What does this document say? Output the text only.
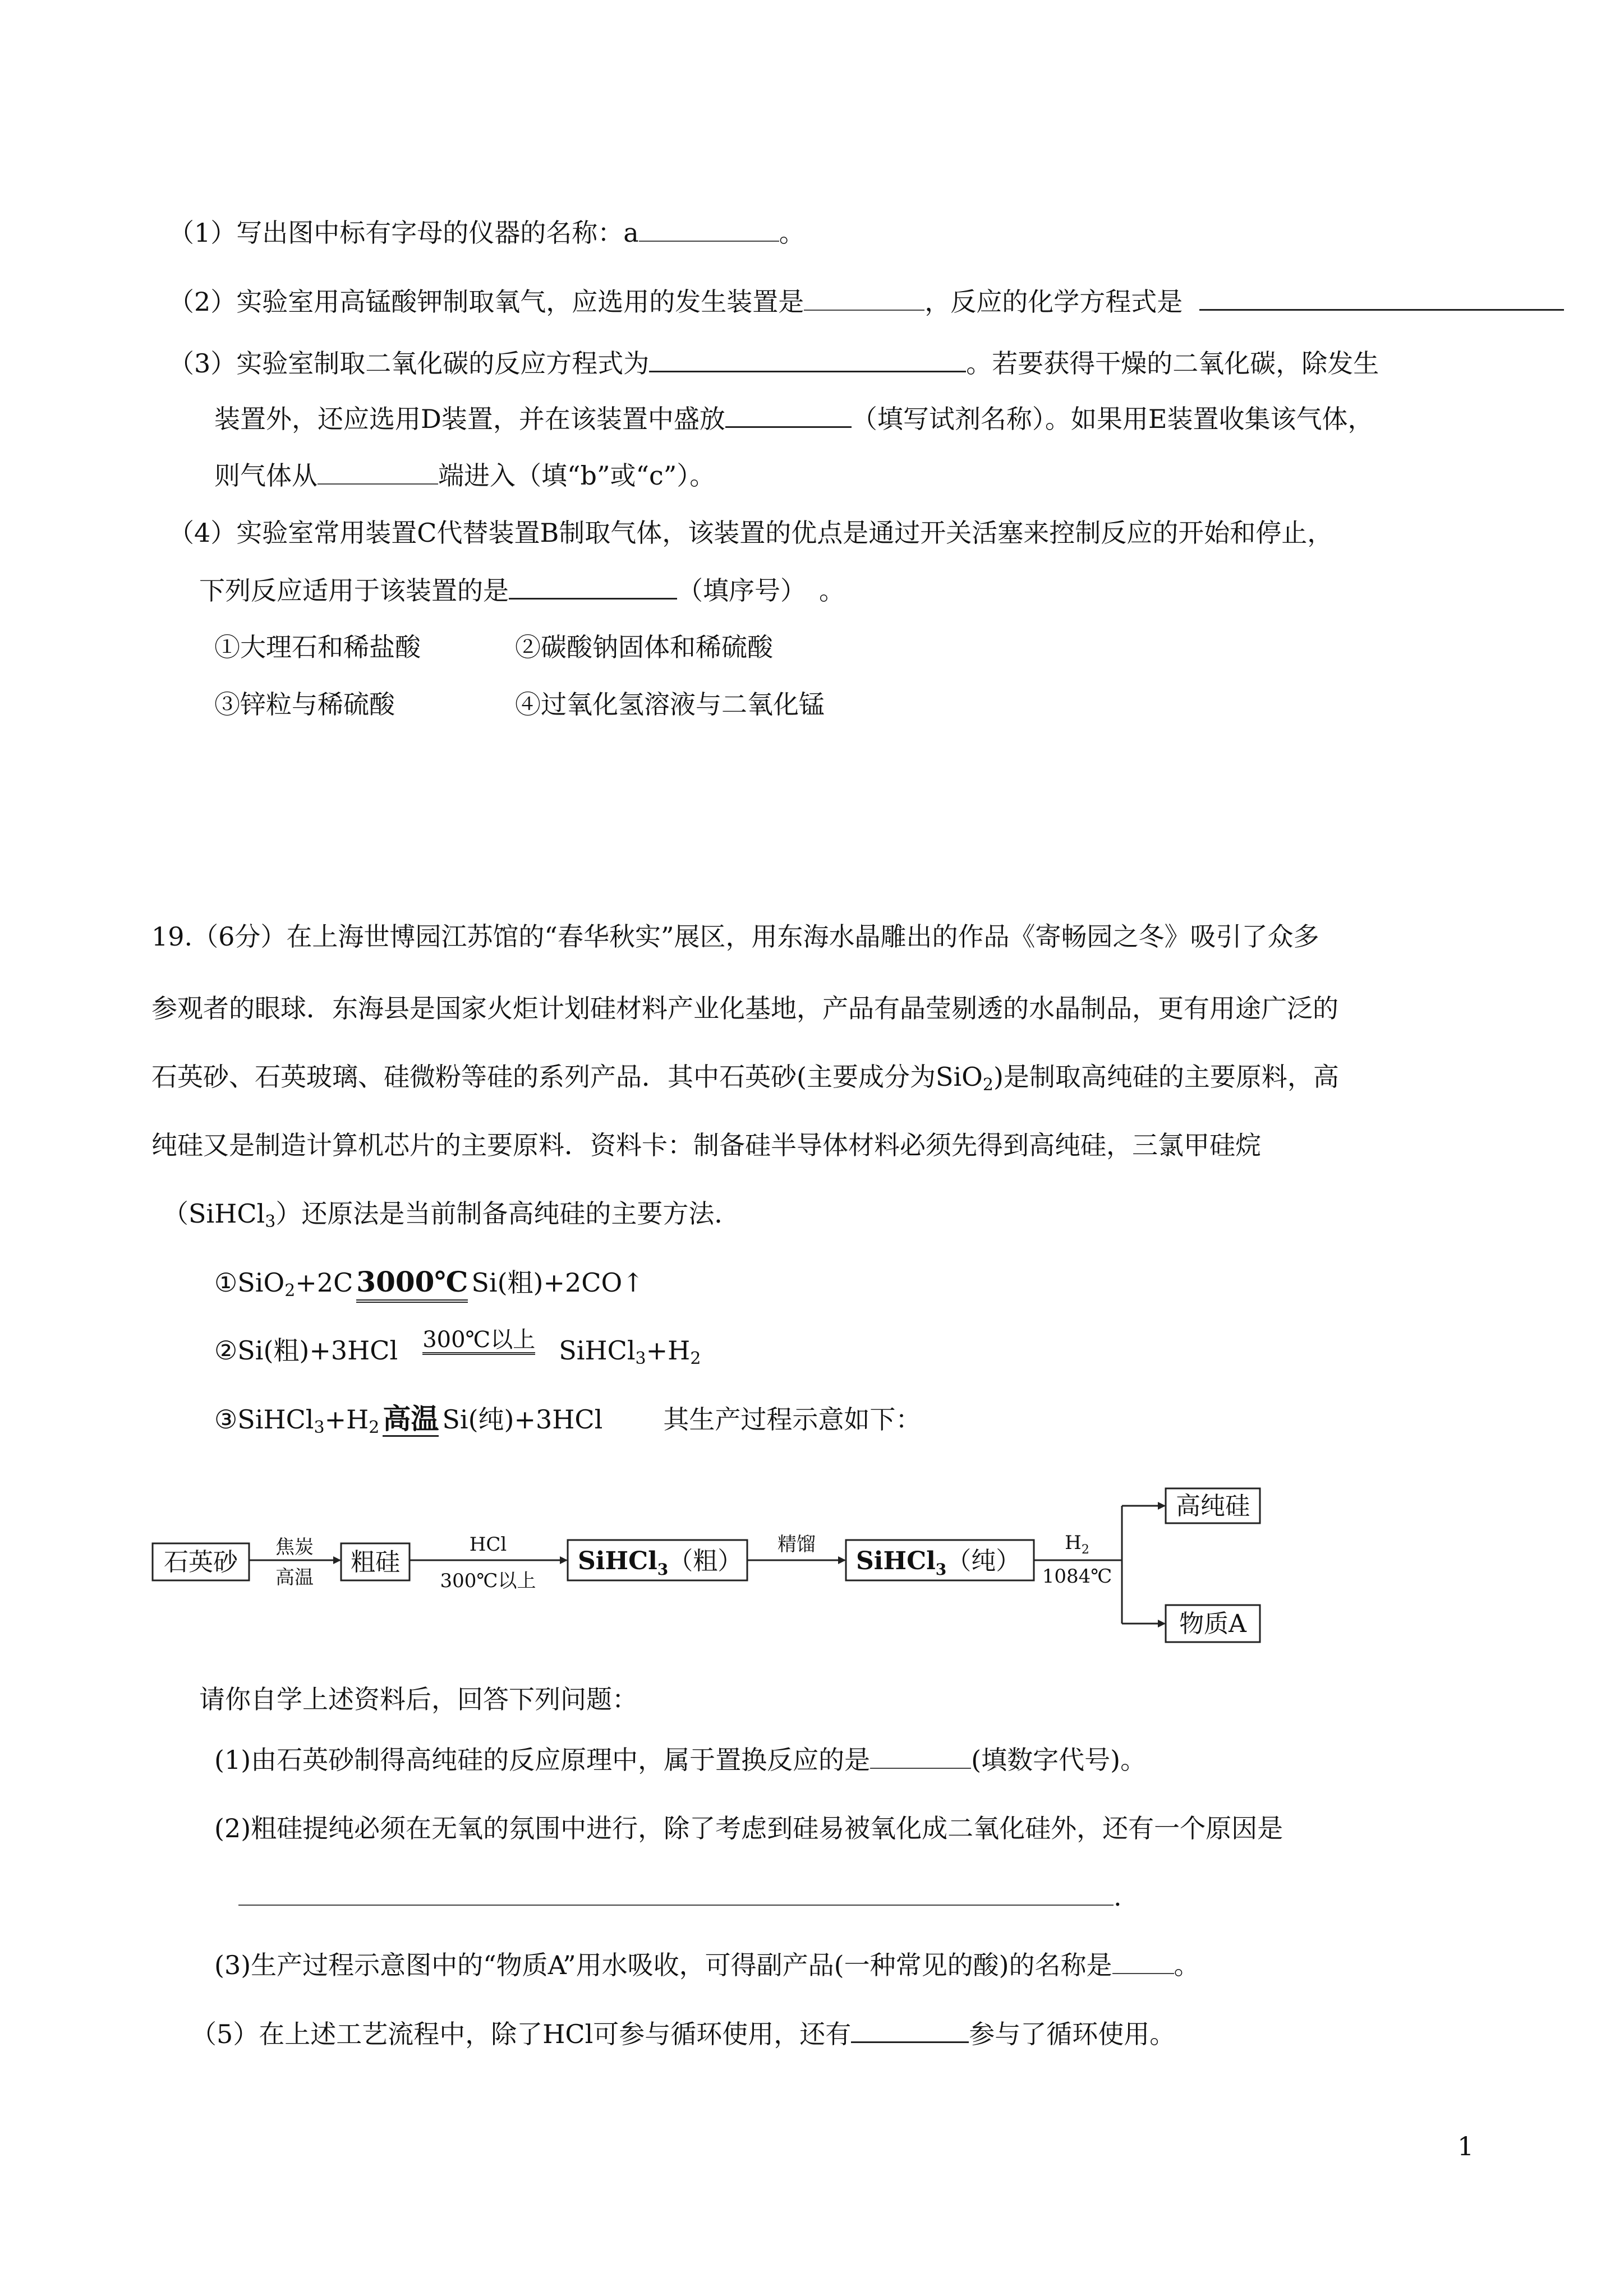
（1）写出图中标有字母的仪器的名称：a	。
（2）实验室用高锰酸钾制取氧气，应选用的发生装置是	，反应的化学方程式是
（3）实验室制取二氧化碳的反应方程式为	。若要获得干燥的二氧化碳，除发生
装置外，还应选用D装置，并在该装置中盛放	（填写试剂名称）。如果用E装置收集该气体，
则气体从	端进入（填“b”或“c”）。
（4）实验室常用装置C代替装置B制取气体，该装置的优点是通过开关活塞来控制反应的开始和停止，
下列反应适用于该装置的是	（填序号）　。
①大理石和稀盐酸	②碳酸钠固体和稀硫酸
③锌粒与稀硫酸	④过氧化氢溶液与二氧化锰
19.（6分）在上海世博园江苏馆的“春华秋实”展区，用东海水晶雕出的作品《寄畅园之冬》吸引了众多
参观者的眼球．东海县是国家火炬计划硅材料产业化基地，产品有晶莹剔透的水晶制品，更有用途广泛的
石英砂、石英玻璃、硅微粉等硅的系列产品．其中石英砂(主要成分为SiO$_2$)是制取高纯硅的主要原料，高
纯硅又是制造计算机芯片的主要原料．资料卡：制备硅半导体材料必须先得到高纯硅，三氯甲硅烷
（SiHCl$_3$）还原法是当前制备高纯硅的主要方法．
①SiO$_2$+2C 3000℃ Si(粗)+2CO↑
②Si(粗)+3HCl 300℃以上 $SiHCl_3+H_2$
$③SiHCl_3+H_2$ 高温 Si(纯)+3HCl 其生产过程示意如下：
石英砂
焦炭
高温
粗硅
HCl
300℃以上
SiHCl$_3$（粗）
精馏
SiHCl$_3$（纯）
$H_2$
1084℃
高纯硅
物质A
请你自学上述资料后，回答下列问题：
(1)由石英砂制得高纯硅的反应原理中，属于置换反应的是	(填数字代号)。
(2)粗硅提纯必须在无氧的氛围中进行，除了考虑到硅易被氧化成二氧化硅外，还有一个原因是
.
(3)生产过程示意图中的“物质A”用水吸收，可得副产品(一种常见的酸)的名称是 。
（5）在上述工艺流程中，除了HCl可参与循环使用，还有	参与了循环使用。
1
